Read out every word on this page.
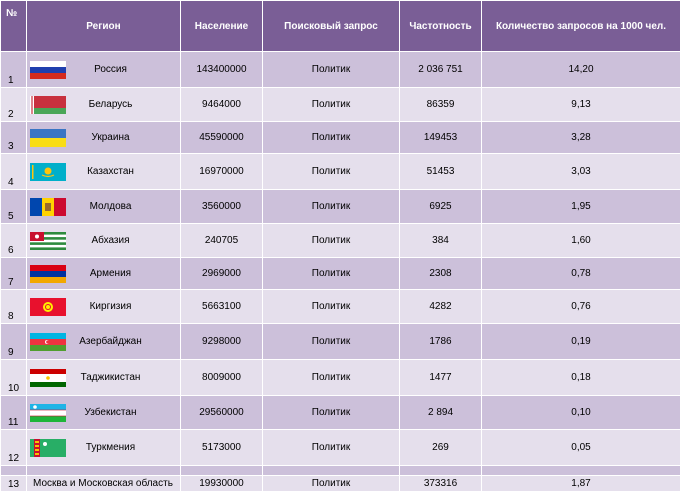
№	Регион	Население	Поисковый запрос	Частотность	Количество запросов на 1000 чел.
1	Россия	143400000	Политик	2 036 751	14,20
2	Беларусь	9464000	Политик	86359	9,13
3	Украина	45590000	Политик	149453	3,28
4	Казахстан	16970000	Политик	51453	3,03
5	Молдова	3560000	Политик	6925	1,95
6	Абхазия	240705	Политик	384	1,60
7	Армения	2969000	Политик	2308	0,78
8	Киргизия	5663100	Политик	4282	0,76
9	Азербайджан	9298000	Политик	1786	0,19
10	Таджикистан	8009000	Политик	1477	0,18
11	Узбекистан	29560000	Политик	2 894	0,10
12	Туркмения	5173000	Политик	269	0,05

13	Москва и Московская область	19930000	Политик	373316	1,87
